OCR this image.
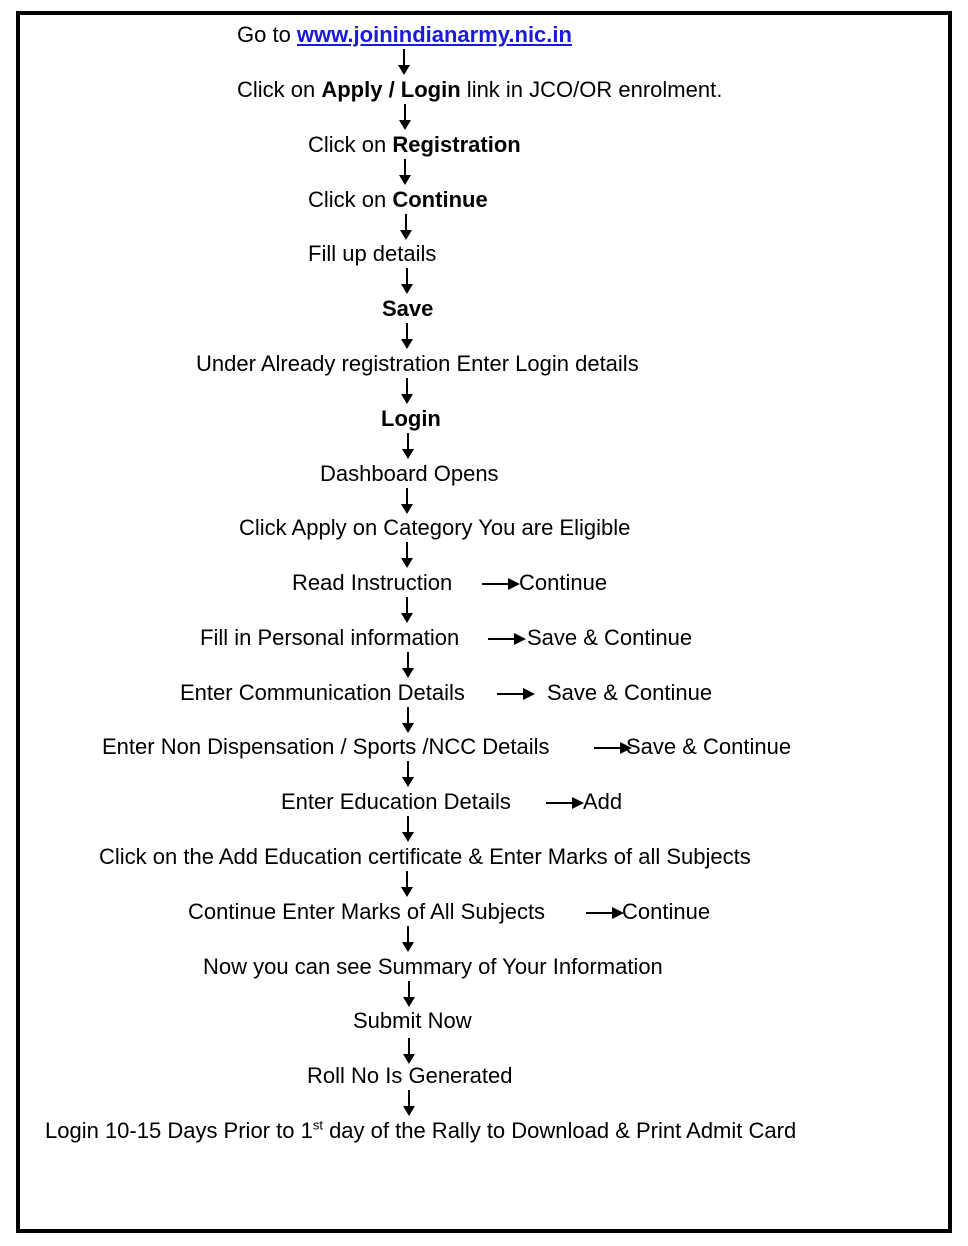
Go to www.joinindianarmy.nic.in
Click on Apply / Login link in JCO/OR enrolment.
Click on Registration
Click on Continue
Fill up details
Save
Under Already registration Enter Login details
Login
Dashboard Opens
Click Apply on Category You are Eligible
Read Instruction	Continue
Fill in Personal information	Save & Continue
Enter Communication Details	Save & Continue
Enter Non Dispensation / Sports /NCC Details	Save & Continue
Enter Education Details	Add
Click on the Add Education certificate & Enter Marks of all Subjects
Continue Enter Marks of All Subjects	Continue
Now you can see Summary of Your Information
Submit Now
Roll No Is Generated
Login 10-15 Days Prior to 1st day of the Rally to Download & Print Admit Card
